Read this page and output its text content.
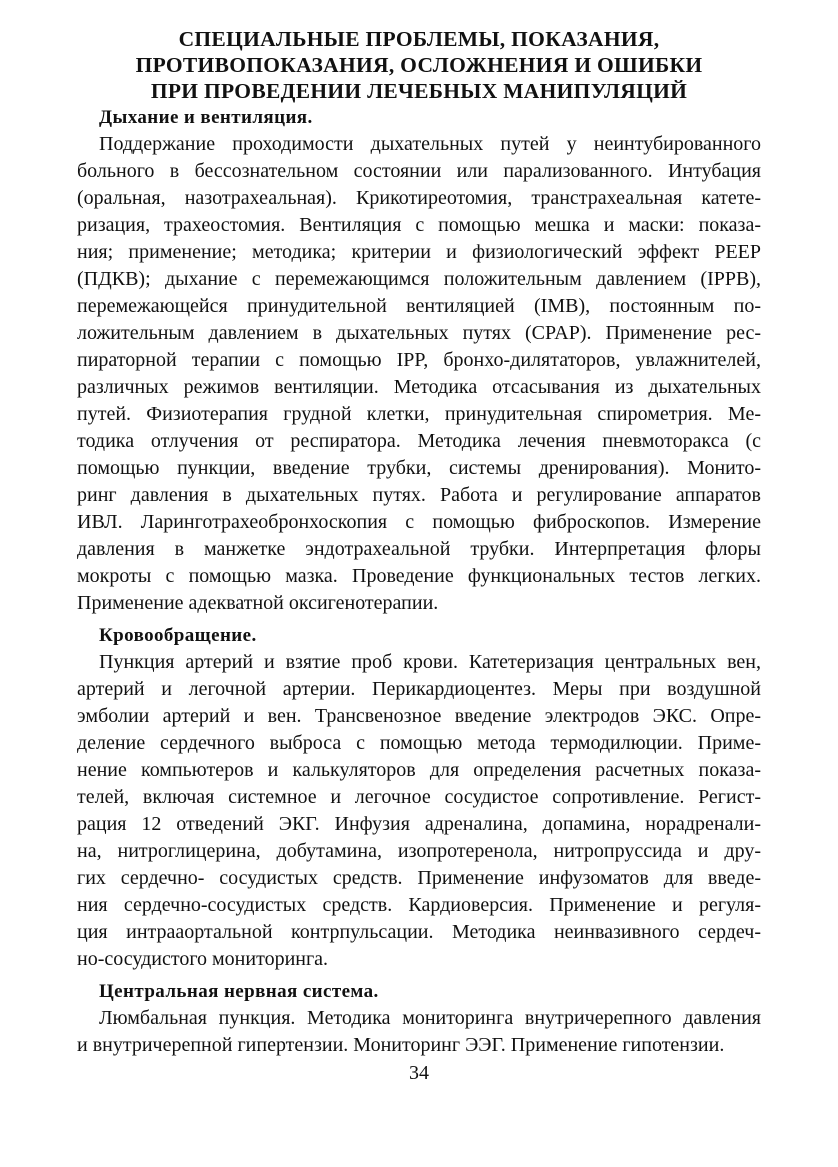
СПЕЦИАЛЬНЫЕ ПРОБЛЕМЫ, ПОКАЗАНИЯ,
ПРОТИВОПОКАЗАНИЯ, ОСЛОЖНЕНИЯ И ОШИБКИ
ПРИ ПРОВЕДЕНИИ ЛЕЧЕБНЫХ МАНИПУЛЯЦИЙ
Дыхание и вентиляция.

Поддержание проходимости дыхательных путей у неинтубированного
больного в бессознательном состоянии или парализованного. Интубация
(оральная, назотрахеальная). Крикотиреотомия, транстрахеальная катете-
ризация, трахеостомия. Вентиляция с помощью мешка и маски: показа-
ния; применение; методика; критерии и физиологический эффект PEEP
(ПДКВ); дыхание с перемежающимся положительным давлением (IPPB),
перемежающейся принудительной вентиляцией (IMB), постоянным по-
ложительным давлением в дыхательных путях (CPAP). Применение рес-
пираторной терапии с помощью IPP, бронхо-дилятаторов, увлажнителей,
различных режимов вентиляции. Методика отсасывания из дыхательных
путей. Физиотерапия грудной клетки, принудительная спирометрия. Ме-
тодика отлучения от респиратора. Методика лечения пневмоторакса (с
помощью пункции, введение трубки, системы дренирования). Монито-
ринг давления в дыхательных путях. Работа и регулирование аппаратов
ИВЛ. Ларинготрахеобронхоскопия с помощью фиброскопов. Измерение
давления в манжетке эндотрахеальной трубки. Интерпретация флоры
мокроты с помощью мазка. Проведение функциональных тестов легких.
Применение адекватной оксигенотерапии.

Кровообращение.

Пункция артерий и взятие проб крови. Катетеризация центральных вен,
артерий и легочной артерии. Перикардиоцентез. Меры при воздушной
эмболии артерий и вен. Трансвенозное введение электродов ЭКС. Опре-
деление сердечного выброса с помощью метода термодилюции. Приме-
нение компьютеров и калькуляторов для определения расчетных показа-
телей, включая системное и легочное сосудистое сопротивление. Регист-
рация 12 отведений ЭКГ. Инфузия адреналина, допамина, норадренали-
на, нитроглицерина, добутамина, изопротеренола, нитропруссида и дру-
гих сердечно- сосудистых средств. Применение инфузоматов для введе-
ния сердечно-сосудистых средств. Кардиоверсия. Применение и регуля-
ция интрааортальной контрпульсации. Методика неинвазивного сердеч-
но-сосудистого мониторинга.

Центральная нервная система.

Люмбальная пункция. Методика мониторинга внутричерепного давления
и внутричерепной гипертензии. Мониторинг ЭЭГ. Применение гипотензии.

34
